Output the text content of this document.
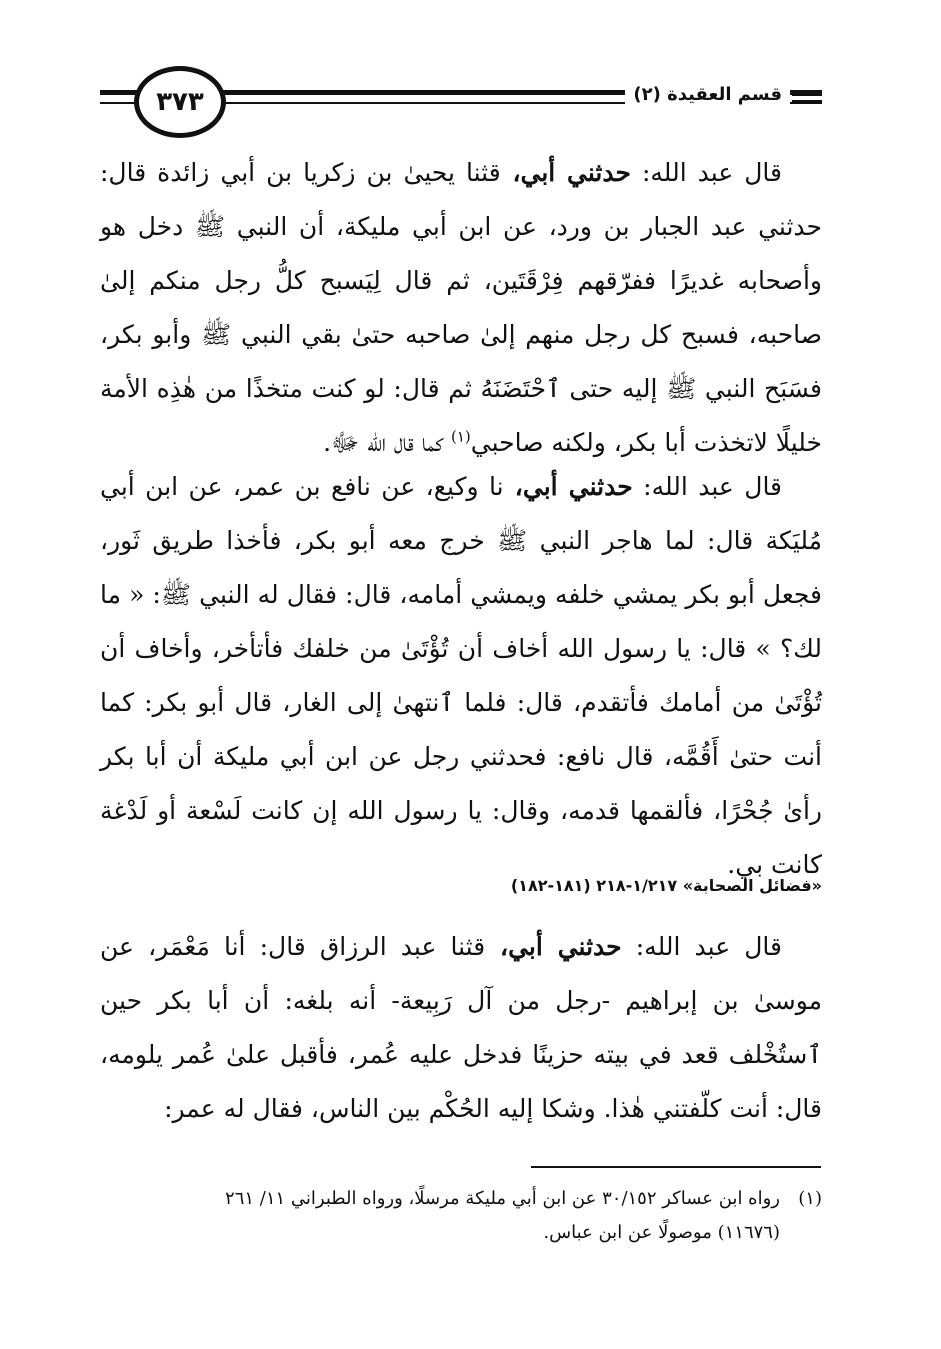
قسم العقيدة (٢)
٣٧٣

قال عبد الله: حدثني أبي، قثنا يحيىٰ بن زكريا بن أبي زائدة قال: حدثني عبد الجبار بن ورد، عن ابن أبي مليكة، أن النبي ﷺ دخل هو وأصحابه غديرًا ففرّقهم فِرْقَتَين، ثم قال لِيَسبح كلُّ رجل منكم إلىٰ صاحبه، فسبح كل رجل منهم إلىٰ صاحبه حتىٰ بقي النبي ﷺ وأبو بكر، فسَبَح النبي ﷺ إليه حتى ٱحْتَضَنَهُ ثم قال: لو كنت متخذًا من هٰذِه الأمة خليلًا لاتخذت أبا بكر، ولكنه صاحبي$^{(١)}$ كما قال الله ﷻ.

قال عبد الله: حدثني أبي، نا وكيع، عن نافع بن عمر، عن ابن أبي مُليَكة قال: لما هاجر النبي ﷺ خرج معه أبو بكر، فأخذا طريق ثَور، فجعل أبو بكر يمشي خلفه ويمشي أمامه، قال: فقال له النبي ﷺ: « ما لك؟ » قال: يا رسول الله أخاف أن تُؤْتَىٰ من خلفك فأتأخر، وأخاف أن تُؤْتَىٰ من أمامك فأتقدم، قال: فلما ٱنتهىٰ إلى الغار، قال أبو بكر: كما أنت حتىٰ أَقُمَّه، قال نافع: فحدثني رجل عن ابن أبي مليكة أن أبا بكر رأىٰ جُحْرًا، فألقمها قدمه، وقال: يا رسول الله إن كانت لَسْعة أو لَدْغة كانت بي.

«فضائل الصحابة» ١/٢١٧-٢١٨ (١٨١-١٨٢)

قال عبد الله: حدثني أبي، قثنا عبد الرزاق قال: أنا مَعْمَر، عن موسىٰ بن إبراهيم -رجل من آل رَبِيعة- أنه بلغه: أن أبا بكر حين ٱستُخْلف قعد في بيته حزينًا فدخل عليه عُمر، فأقبل علىٰ عُمر يلومه، قال: أنت كلّفتني هٰذا. وشكا إليه الحُكْم بين الناس، فقال له عمر:

(١)رواه ابن عساكر ٣٠/١٥٢ عن ابن أبي مليكة مرسلًا، ورواه الطبراني ١١/ ٢٦١
(١١٦٧٦) موصولًا عن ابن عباس.
